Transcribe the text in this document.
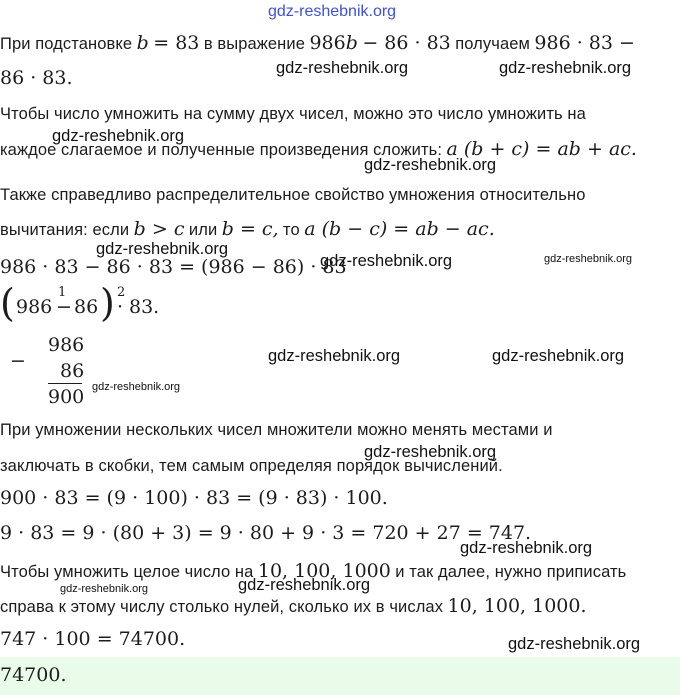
gdz-reshebnik.org
При подстановке b = 83 в выражение 986b − 86 · 83 получаем 986 · 83 −
86 · 83.	gdz-reshebnik.org	gdz-reshebnik.org
Чтобы число умножить на сумму двух чисел, можно это число умножить на
gdz-reshebnik.org
каждое слагаемое и полученные произведения сложить: a (b + c) = ab + ac.
gdz-reshebnik.org
Также справедливо распределительное свойство умножения относительно
вычитания: если b > c или b = c, то a (b − c) = ab − ac.
gdz-reshebnik.org
986 · 83 − 86 · 83 = (986 − 86) · 83
gdz-reshebnik.org	gdz-reshebnik.org
( 986
1
− 86 ) 2
· 83.
−
986
86
900 gdz-reshebnik.org
gdz-reshebnik.org	gdz-reshebnik.org
При умножении нескольких чисел множители можно менять местами и
gdz-reshebnik.org
заключать в скобки, тем самым определяя порядок вычислений.
900 · 83 = (9 · 100) · 83 = (9 · 83) · 100.
9 · 83 = 9 · (80 + 3) = 9 · 80 + 9 · 3 = 720 + 27 = 747.
gdz-reshebnik.org
Чтобы умножить целое число на 10, 100, 1000 и так далее, нужно приписать
gdz-reshebnik.org	gdz-reshebnik.org
справа к этому числу столько нулей, сколько их в числах 10, 100, 1000.
747 · 100 = 74700.	gdz-reshebnik.org
74700.
